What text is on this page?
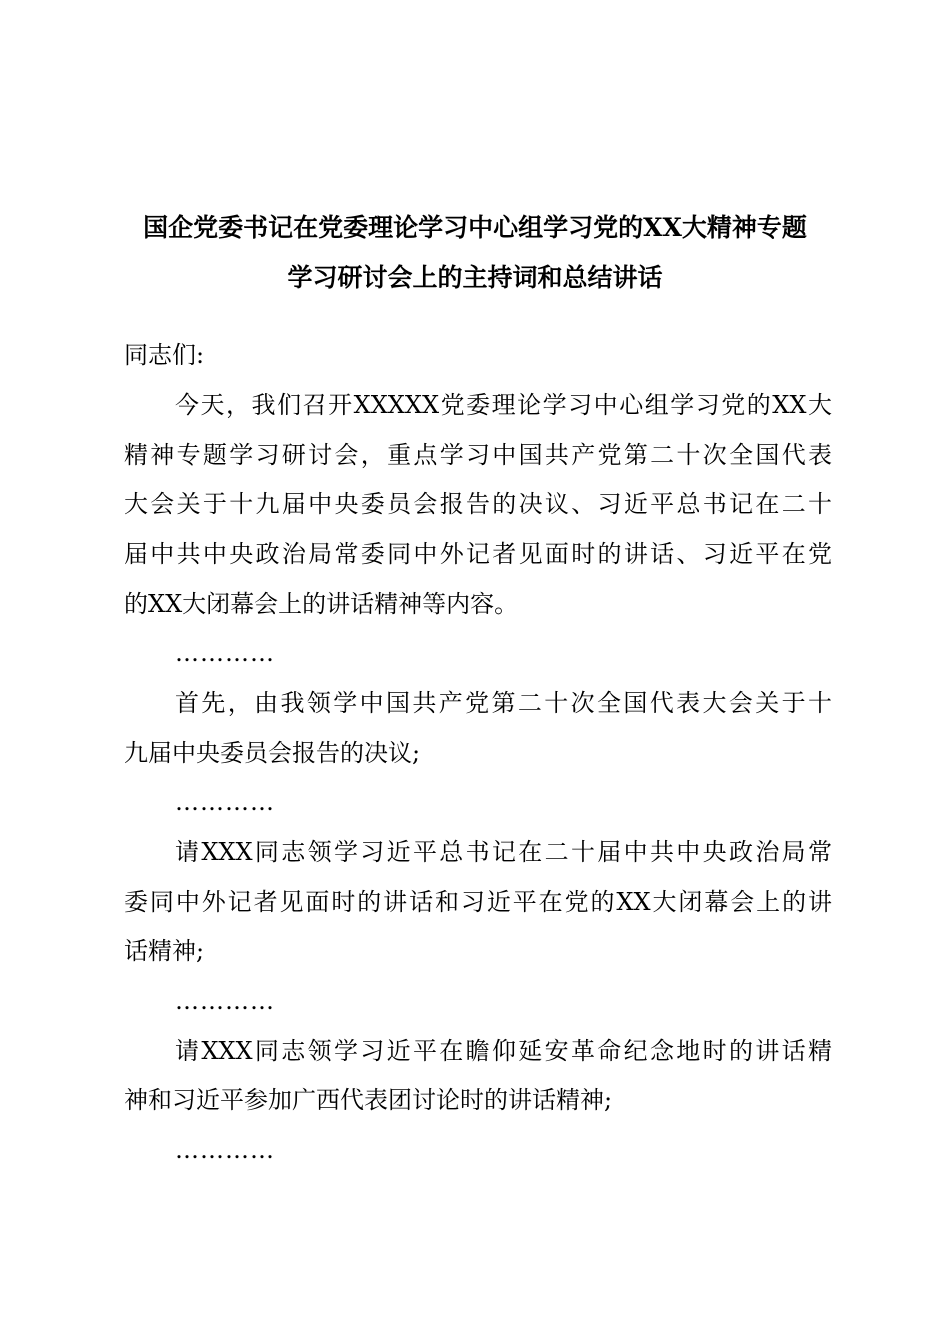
国企党委书记在党委理论学习中心组学习党的XX大精神专题
学习研讨会上的主持词和总结讲话
同志们:
今天，我们召开XXXXX党委理论学习中心组学习党的XX大
精神专题学习研讨会，重点学习中国共产党第二十次全国代表
大会关于十九届中央委员会报告的决议、习近平总书记在二十
届中共中央政治局常委同中外记者见面时的讲话、习近平在党
的XX大闭幕会上的讲话精神等内容。
…………
首先，由我领学中国共产党第二十次全国代表大会关于十
九届中央委员会报告的决议;
…………
请XXX同志领学习近平总书记在二十届中共中央政治局常
委同中外记者见面时的讲话和习近平在党的XX大闭幕会上的讲
话精神;
…………
请XXX同志领学习近平在瞻仰延安革命纪念地时的讲话精
神和习近平参加广西代表团讨论时的讲话精神;
…………
